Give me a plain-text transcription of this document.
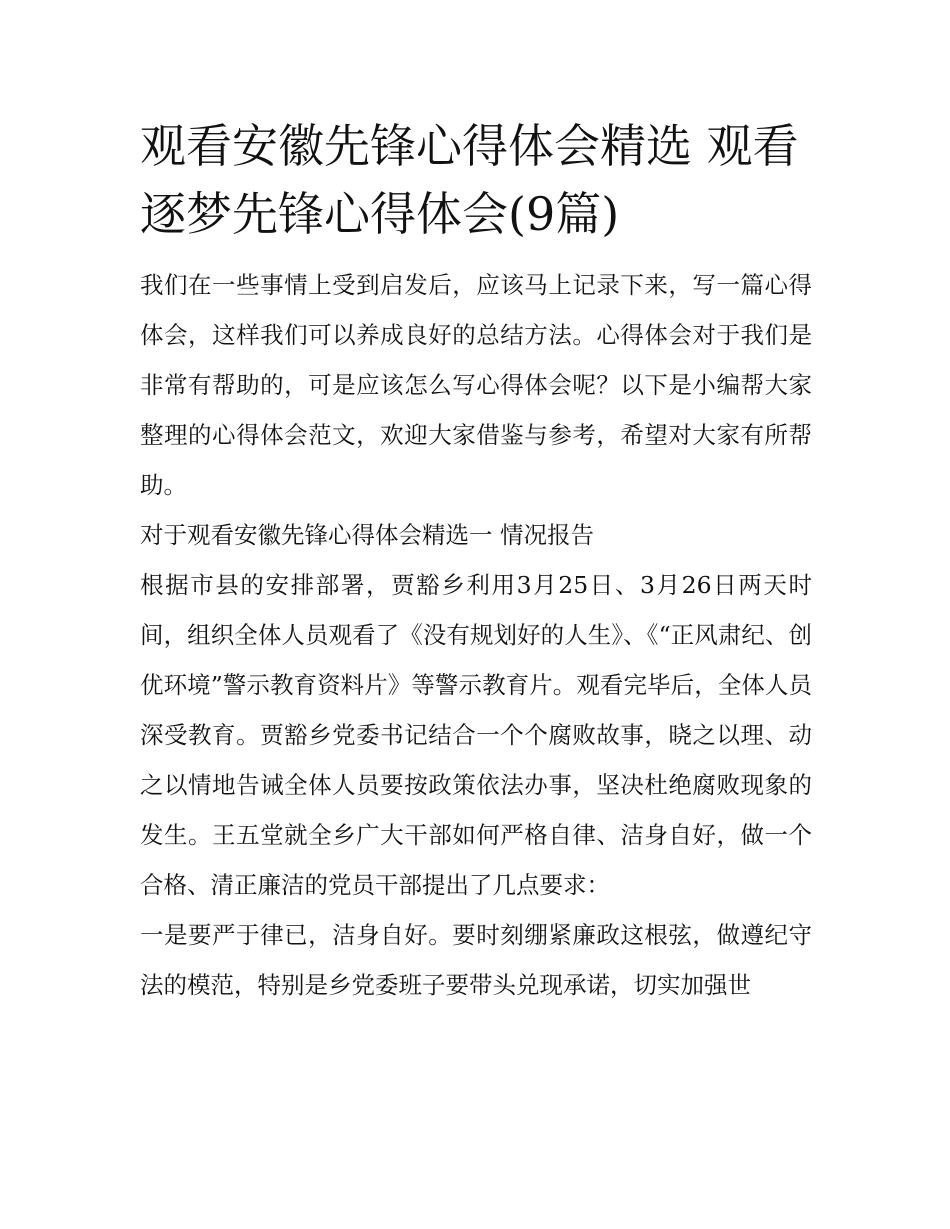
观看安徽先锋心得体会精选 观看逐梦先锋心得体会(9篇)

我们在一些事情上受到启发后，应该马上记录下来，写一篇心得体会，这样我们可以养成良好的总结方法。心得体会对于我们是非常有帮助的，可是应该怎么写心得体会呢？以下是小编帮大家整理的心得体会范文，欢迎大家借鉴与参考，希望对大家有所帮助。

对于观看安徽先锋心得体会精选一 情况报告

根据市县的安排部署，贾豁乡利用3月25日、3月26日两天时间，组织全体人员观看了《没有规划好的人生》、《“正风肃纪、创优环境”警示教育资料片》等警示教育片。观看完毕后，全体人员深受教育。贾豁乡党委书记结合一个个腐败故事，晓之以理、动之以情地告诫全体人员要按政策依法办事，坚决杜绝腐败现象的发生。王五堂就全乡广大干部如何严格自律、洁身自好，做一个合格、清正廉洁的党员干部提出了几点要求：

一是要严于律已，洁身自好。要时刻绷紧廉政这根弦，做遵纪守法的模范，特别是乡党委班子要带头兑现承诺，切实加强世
